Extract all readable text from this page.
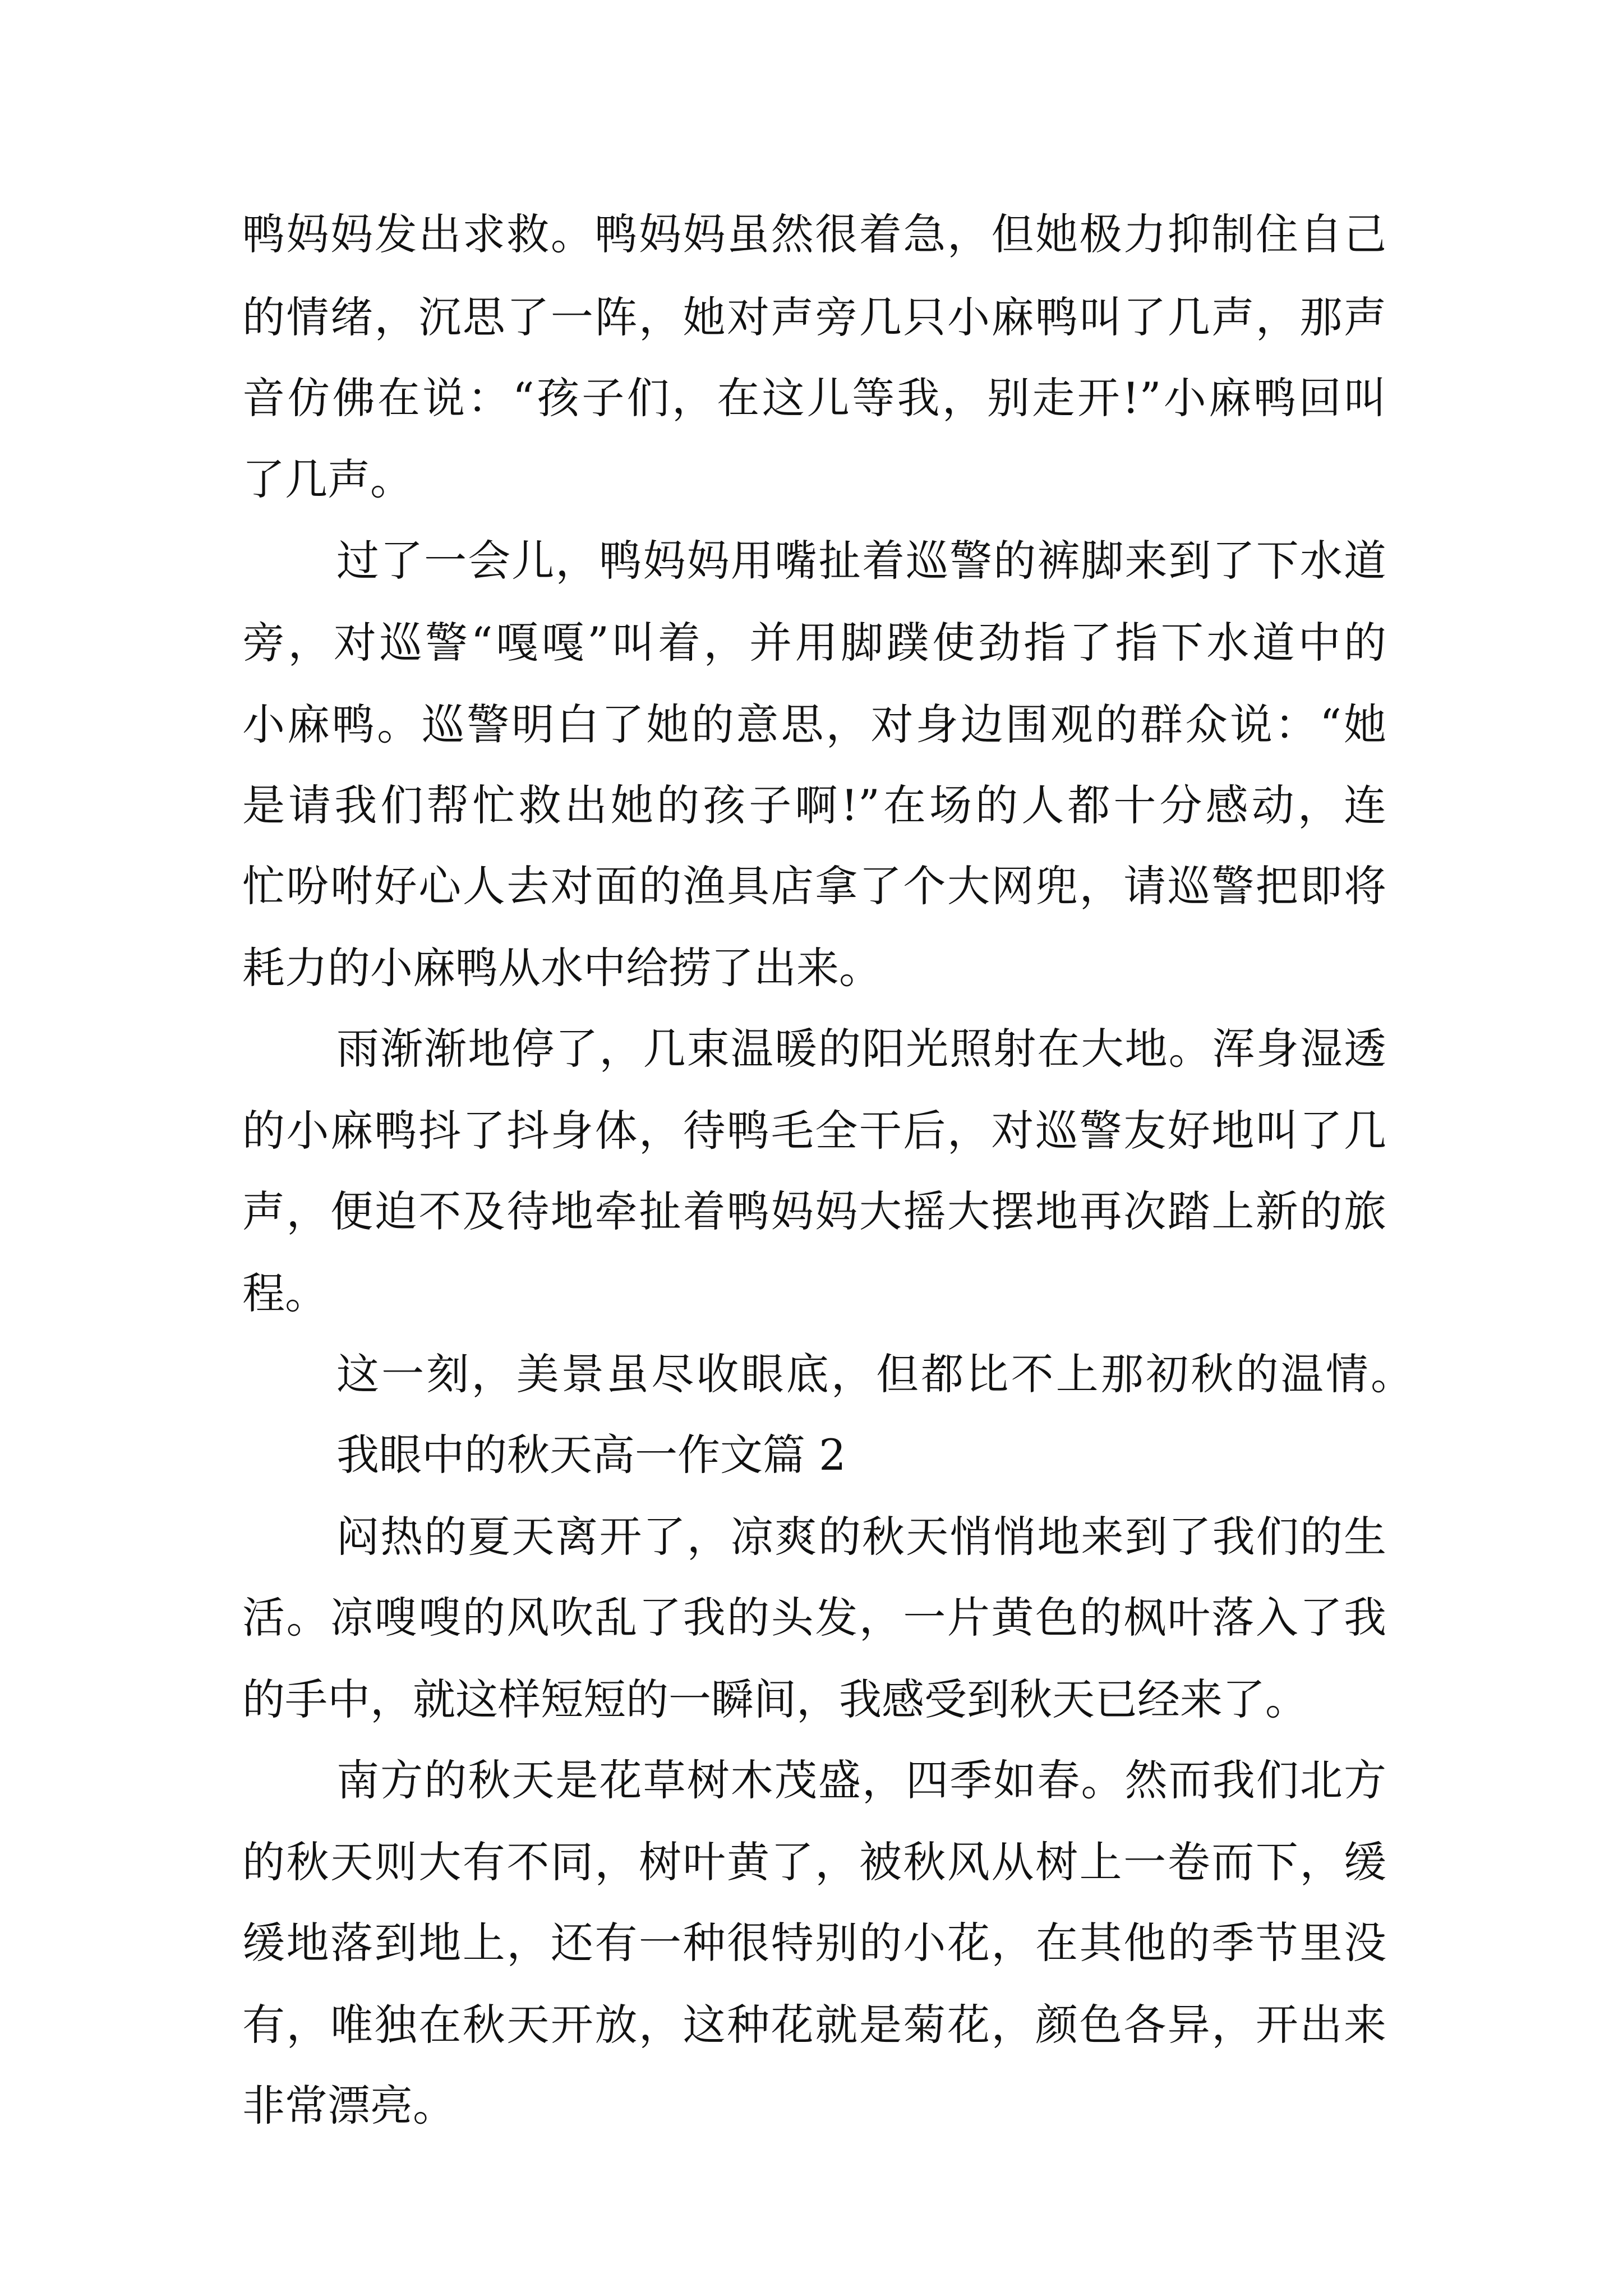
鸭妈妈发出求救。鸭妈妈虽然很着急，但她极力抑制住自己
的情绪，沉思了一阵，她对声旁几只小麻鸭叫了几声，那声
音仿佛在说：“孩子们，在这儿等我，别走开!”小麻鸭回叫
了几声。
过了一会儿，鸭妈妈用嘴扯着巡警的裤脚来到了下水道
旁，对巡警“嘎嘎”叫着，并用脚蹼使劲指了指下水道中的
小麻鸭。巡警明白了她的意思，对身边围观的群众说：“她
是请我们帮忙救出她的孩子啊!”在场的人都十分感动，连
忙吩咐好心人去对面的渔具店拿了个大网兜，请巡警把即将
耗力的小麻鸭从水中给捞了出来。
雨渐渐地停了，几束温暖的阳光照射在大地。浑身湿透
的小麻鸭抖了抖身体，待鸭毛全干后，对巡警友好地叫了几
声，便迫不及待地牵扯着鸭妈妈大摇大摆地再次踏上新的旅
程。
这一刻，美景虽尽收眼底，但都比不上那初秋的温情。
我眼中的秋天高一作文篇 2
闷热的夏天离开了，凉爽的秋天悄悄地来到了我们的生
活。凉嗖嗖的风吹乱了我的头发，一片黄色的枫叶落入了我
的手中，就这样短短的一瞬间，我感受到秋天已经来了。
南方的秋天是花草树木茂盛，四季如春。然而我们北方
的秋天则大有不同，树叶黄了，被秋风从树上一卷而下，缓
缓地落到地上，还有一种很特别的小花，在其他的季节里没
有，唯独在秋天开放，这种花就是菊花，颜色各异，开出来
非常漂亮。
